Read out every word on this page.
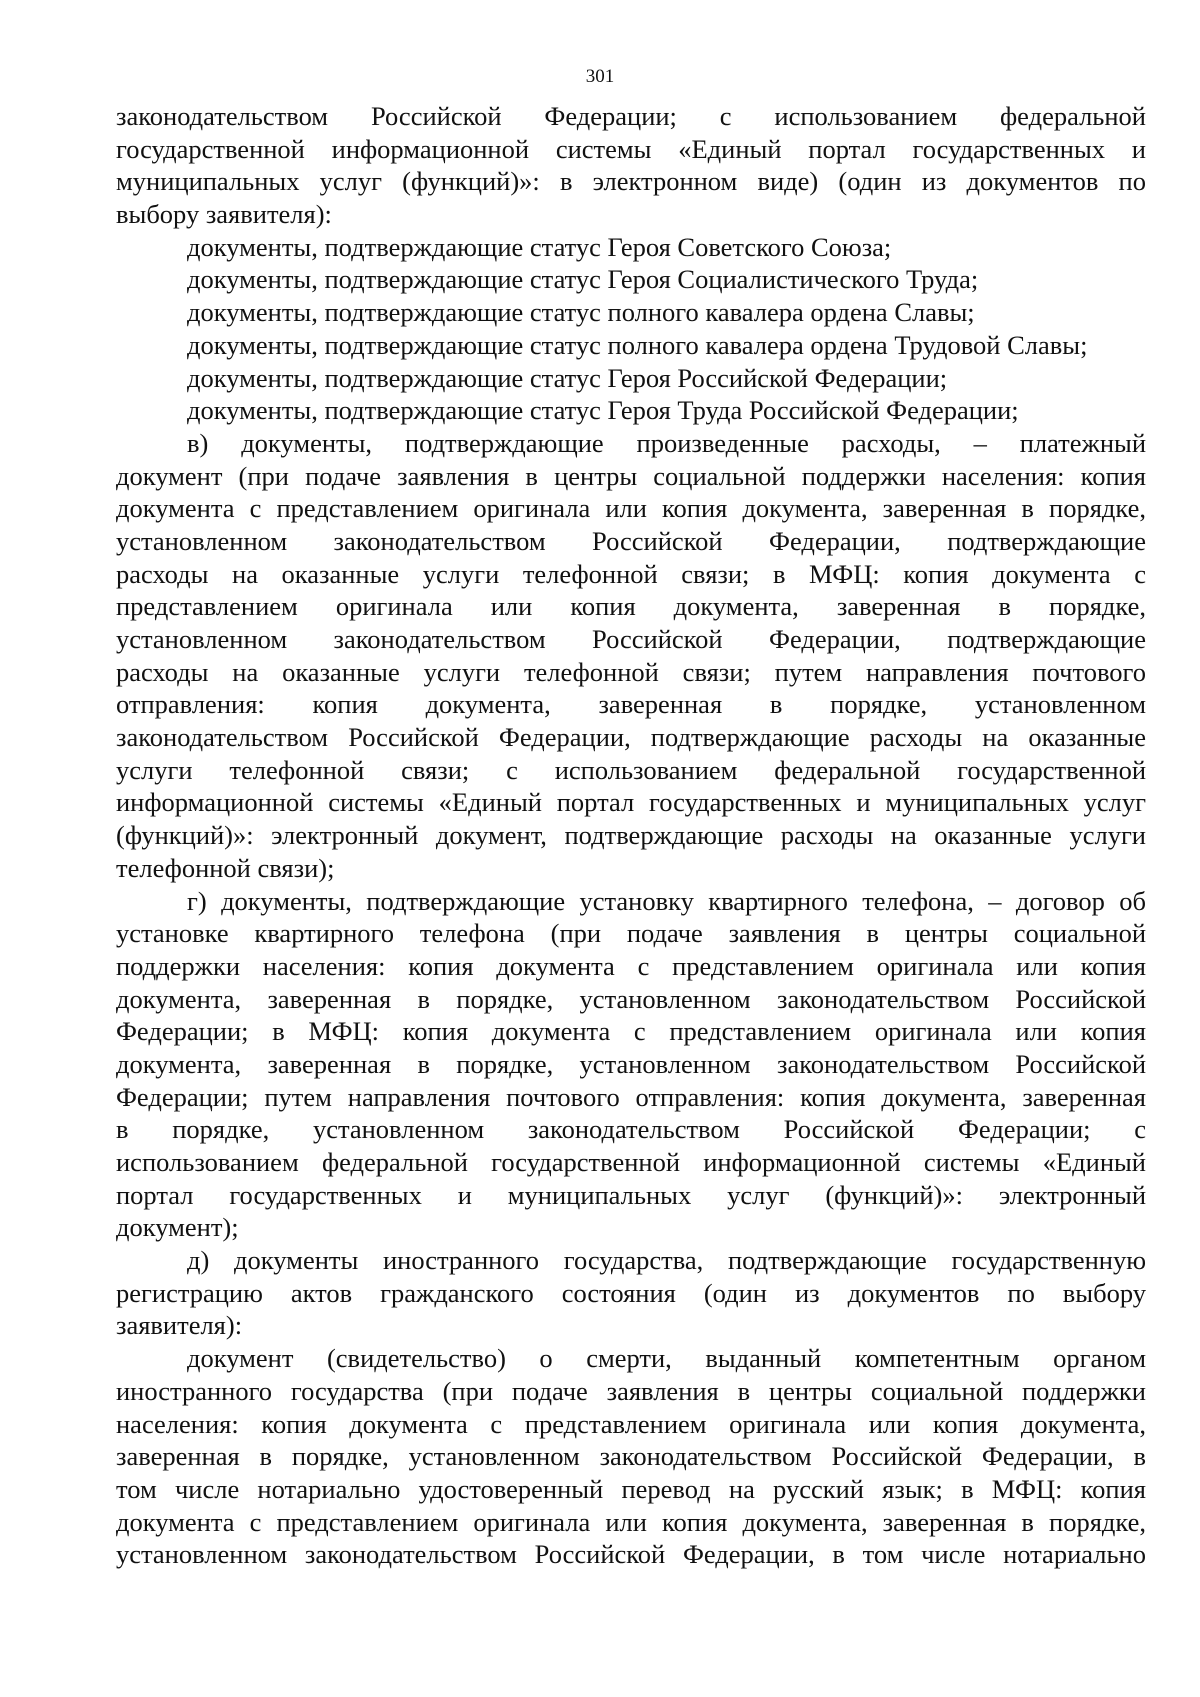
301
законодательством Российской Федерации; с использованием федеральной
государственной информационной системы «Единый портал государственных и
муниципальных услуг (функций)»: в электронном виде) (один из документов по
выбору заявителя):
документы, подтверждающие статус Героя Советского Союза;
документы, подтверждающие статус Героя Социалистического Труда;
документы, подтверждающие статус полного кавалера ордена Славы;
документы, подтверждающие статус полного кавалера ордена Трудовой Славы;
документы, подтверждающие статус Героя Российской Федерации;
документы, подтверждающие статус Героя Труда Российской Федерации;
в) документы, подтверждающие произведенные расходы, – платежный
документ (при подаче заявления в центры социальной поддержки населения: копия
документа с представлением оригинала или копия документа, заверенная в порядке,
установленном законодательством Российской Федерации, подтверждающие
расходы на оказанные услуги телефонной связи; в МФЦ: копия документа с
представлением оригинала или копия документа, заверенная в порядке,
установленном законодательством Российской Федерации, подтверждающие
расходы на оказанные услуги телефонной связи; путем направления почтового
отправления: копия документа, заверенная в порядке, установленном
законодательством Российской Федерации, подтверждающие расходы на оказанные
услуги телефонной связи; с использованием федеральной государственной
информационной системы «Единый портал государственных и муниципальных услуг
(функций)»: электронный документ, подтверждающие расходы на оказанные услуги
телефонной связи);
г) документы, подтверждающие установку квартирного телефона, – договор об
установке квартирного телефона (при подаче заявления в центры социальной
поддержки населения: копия документа с представлением оригинала или копия
документа, заверенная в порядке, установленном законодательством Российской
Федерации; в МФЦ: копия документа с представлением оригинала или копия
документа, заверенная в порядке, установленном законодательством Российской
Федерации; путем направления почтового отправления: копия документа, заверенная
в порядке, установленном законодательством Российской Федерации; с
использованием федеральной государственной информационной системы «Единый
портал государственных и муниципальных услуг (функций)»: электронный
документ);
д) документы иностранного государства, подтверждающие государственную
регистрацию актов гражданского состояния (один из документов по выбору
заявителя):
документ (свидетельство) о смерти, выданный компетентным органом
иностранного государства (при подаче заявления в центры социальной поддержки
населения: копия документа с представлением оригинала или копия документа,
заверенная в порядке, установленном законодательством Российской Федерации, в
том числе нотариально удостоверенный перевод на русский язык; в МФЦ: копия
документа с представлением оригинала или копия документа, заверенная в порядке,
установленном законодательством Российской Федерации, в том числе нотариально
